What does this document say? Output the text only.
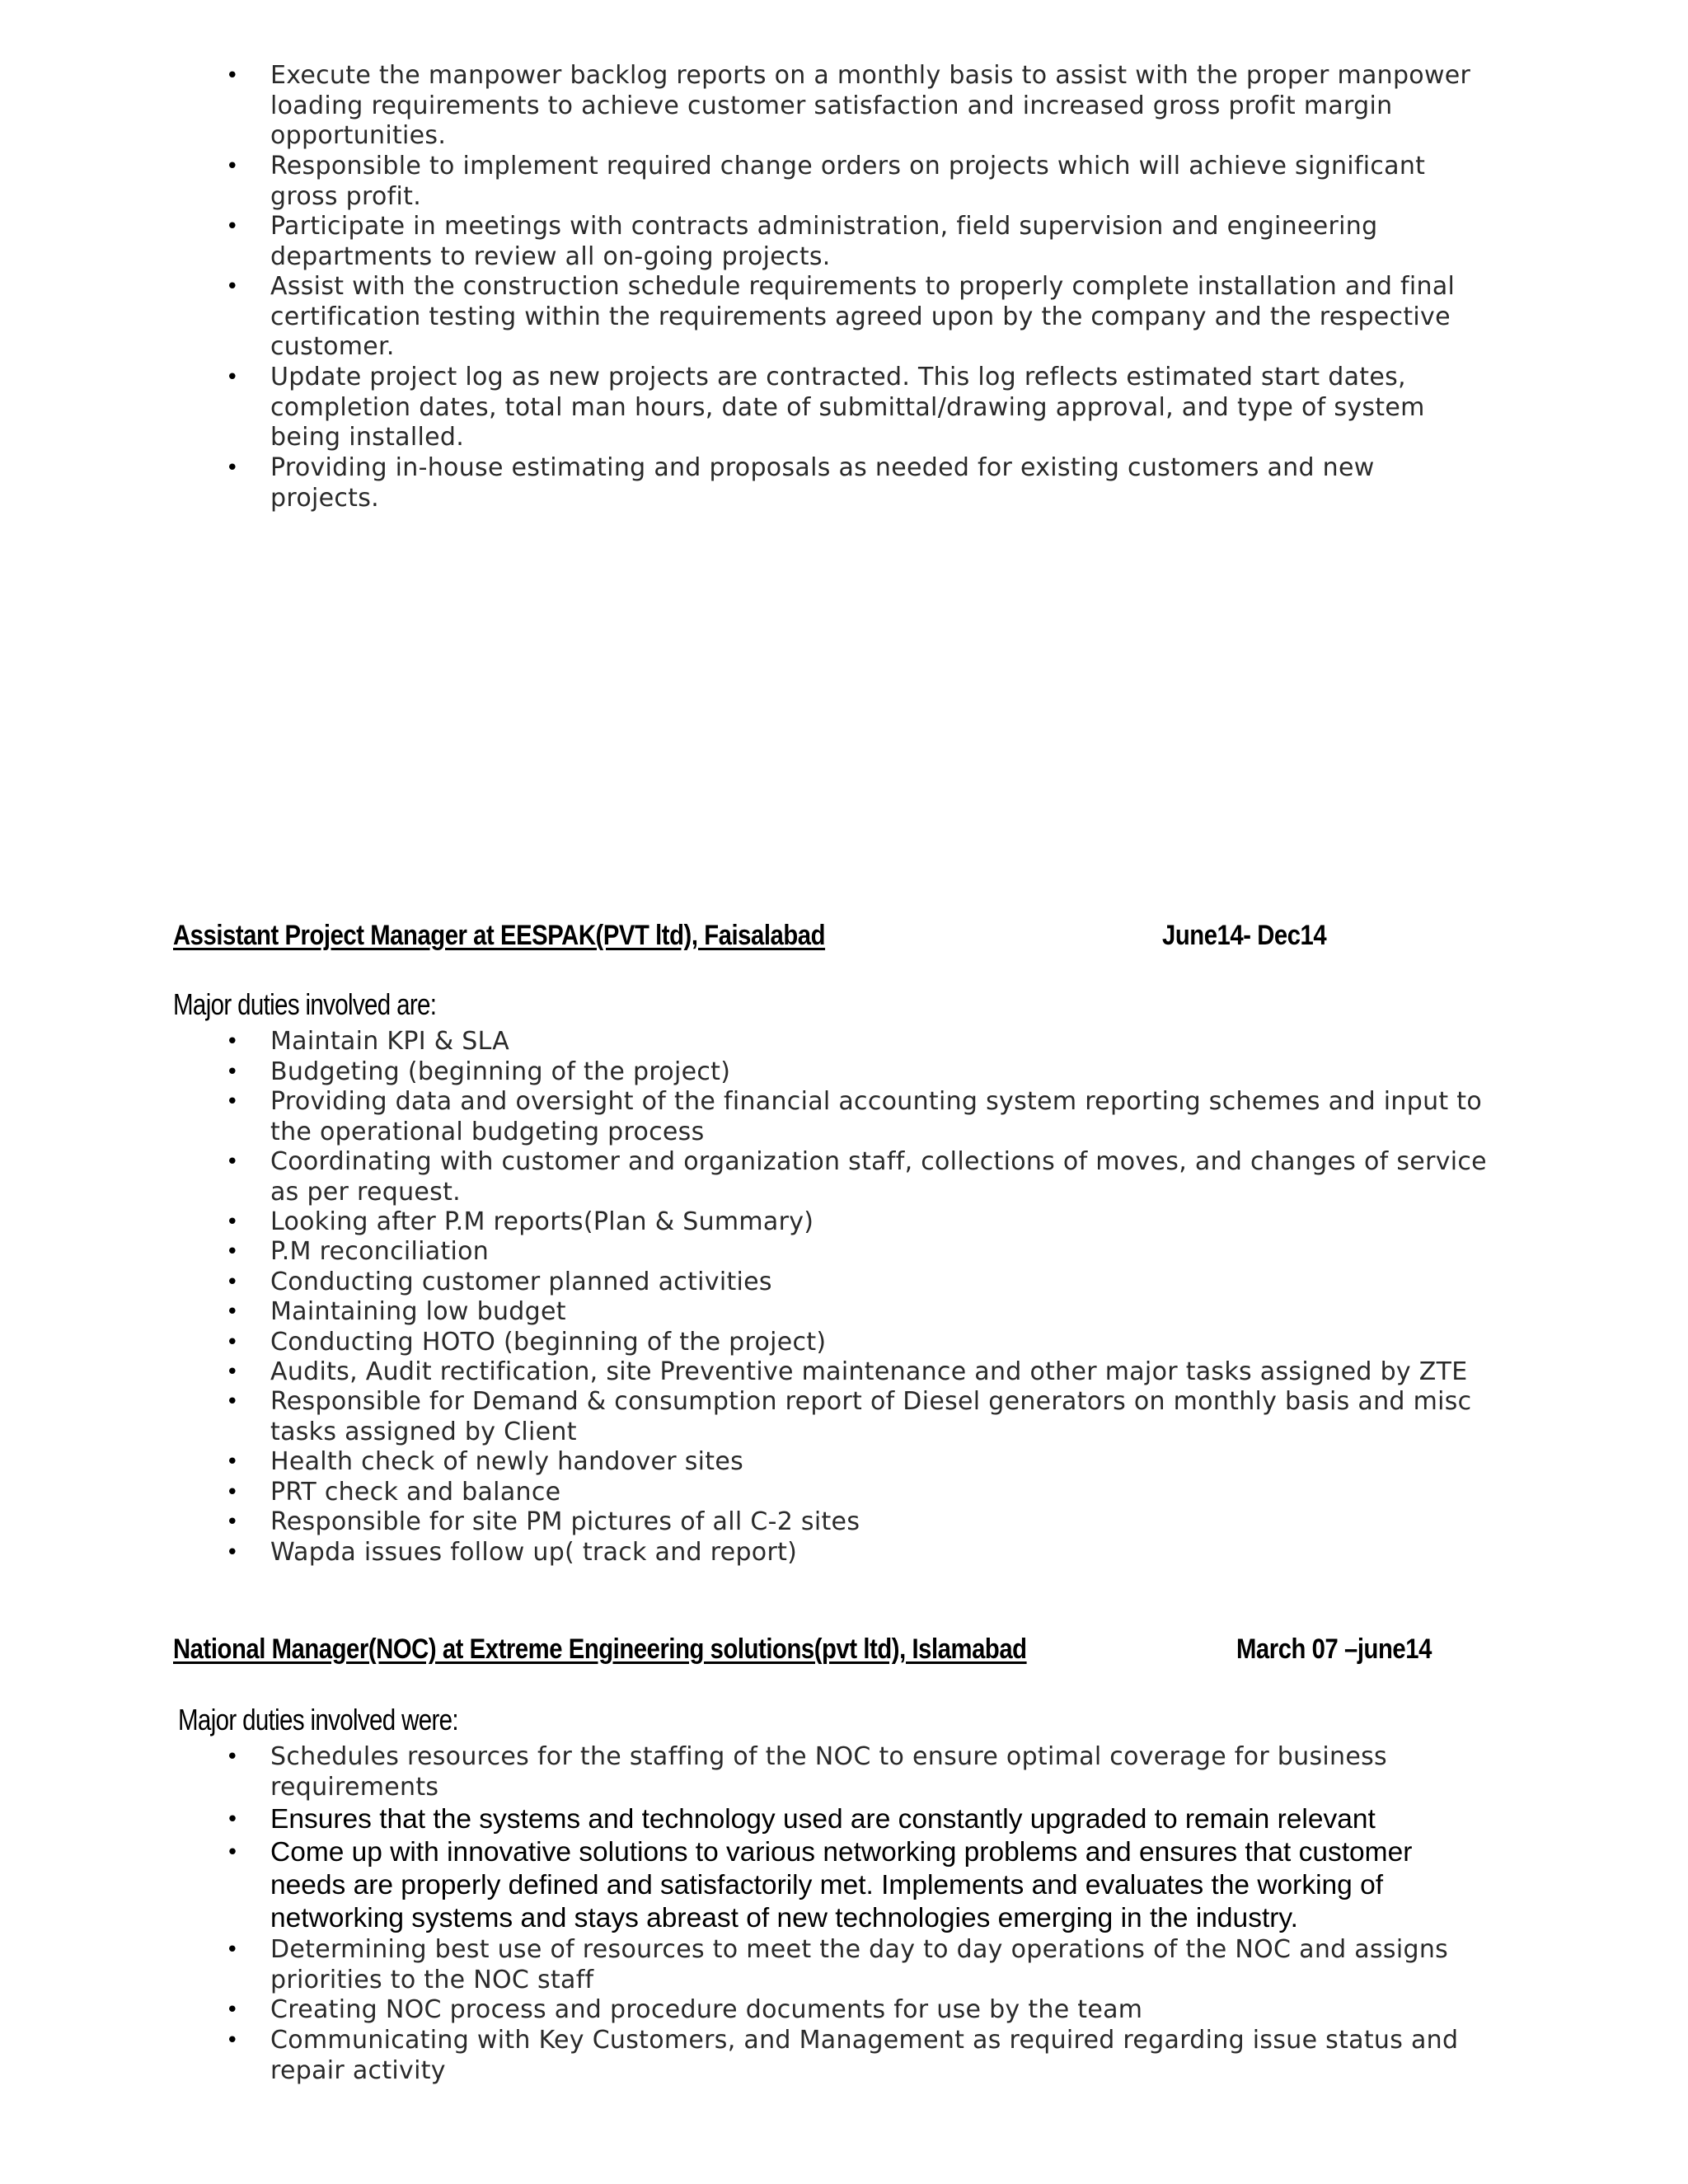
• Execute the manpower backlog reports on a monthly basis to assist with the proper manpower loading requirements to achieve customer satisfaction and increased gross profit margin opportunities.
• Responsible to implement required change orders on projects which will achieve significant gross profit.
• Participate in meetings with contracts administration, field supervision and engineering departments to review all on-going projects.
• Assist with the construction schedule requirements to properly complete installation and final certification testing within the requirements agreed upon by the company and the respective customer.
• Update project log as new projects are contracted. This log reflects estimated start dates, completion dates, total man hours, date of submittal/drawing approval, and type of system being installed.
• Providing in-house estimating and proposals as needed for existing customers and new projects.
Assistant Project Manager at EESPAK(PVT ltd), Faisalabad	June14- Dec14
Major duties involved are:
• Maintain KPI & SLA
• Budgeting (beginning of the project)
• Providing data and oversight of the financial accounting system reporting schemes and input to the operational budgeting process
• Coordinating with customer and organization staff, collections of moves, and changes of service as per request.
• Looking after P.M reports(Plan & Summary)
• P.M reconciliation
• Conducting customer planned activities
• Maintaining low budget
• Conducting HOTO (beginning of the project)
• Audits, Audit rectification, site Preventive maintenance and other major tasks assigned by ZTE
• Responsible for Demand & consumption report of Diesel generators on monthly basis and misc tasks assigned by Client
• Health check of newly handover sites
• PRT check and balance
• Responsible for site PM pictures of all C-2 sites
• Wapda issues follow up( track and report)
National Manager(NOC) at Extreme Engineering solutions(pvt ltd), Islamabad	March 07 –june14
Major duties involved were:
• Schedules resources for the staffing of the NOC to ensure optimal coverage for business requirements
• Ensures that the systems and technology used are constantly upgraded to remain relevant
• Come up with innovative solutions to various networking problems and ensures that customer needs are properly defined and satisfactorily met. Implements and evaluates the working of networking systems and stays abreast of new technologies emerging in the industry.
• Determining best use of resources to meet the day to day operations of the NOC and assigns priorities to the NOC staff
• Creating NOC process and procedure documents for use by the team
• Communicating with Key Customers, and Management as required regarding issue status and repair activity
